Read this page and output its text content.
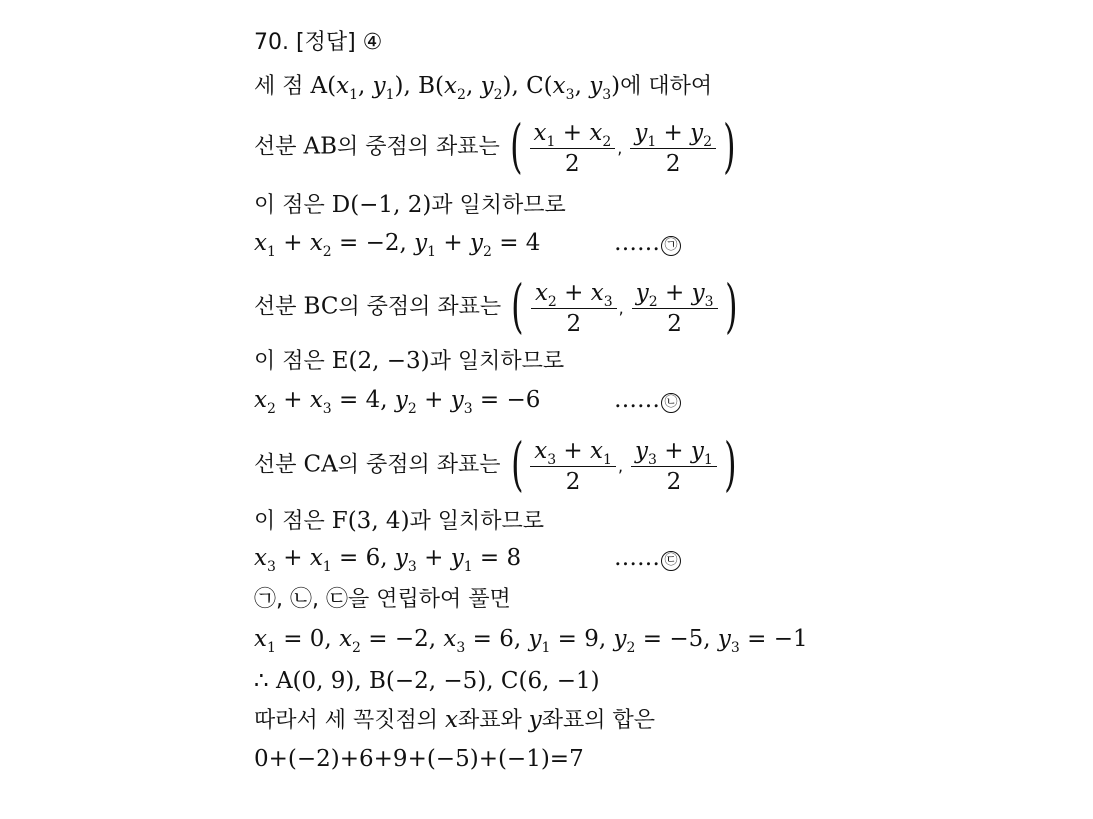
70. [정답] ④
세 점 $A(x_1$, $y_1$), $B(x_2$, $y_2$), $C(x_3$, $y_3$)에 대하여
선분 AB의 중점의 좌표는 ( $\frac{x_1 + x_2}{2}$ , $\frac{y_1 + y_2}{2}$ )
이 점은 D(−1, 2)과 일치하므로
$x_1 + x_2 = -2$, $y_1 + y_2 = 4$	…… ㉠
선분 BC의 중점의 좌표는 ( $\frac{x_2 + x_3}{2}$ , $\frac{y_2 + y_3}{2}$ )
이 점은 E(2, −3)과 일치하므로
$x_2 + x_3 = 4$, $y_2 + y_3 = -6$	…… ㉡
선분 CA의 중점의 좌표는 ( $\frac{x_3 + x_1}{2}$ , $\frac{y_3 + y_1}{2}$ )
이 점은 F(3, 4)과 일치하므로
$x_3 + x_1 = 6$, $y_3 + y_1 = 8$	…… ㉢
㉠, ㉡, ㉢을 연립하여 풀면
$x_1 = 0$, $x_2 = -2$, $x_3 = 6$, $y_1 = 9$, $y_2 = -5$, $y_3 = -1$
∴ A(0, 9), B(−2, −5), C(6, −1)
따라서 세 꼭짓점의 x좌표와 y좌표의 합은
0+(−2)+6+9+(−5)+(−1)=7
